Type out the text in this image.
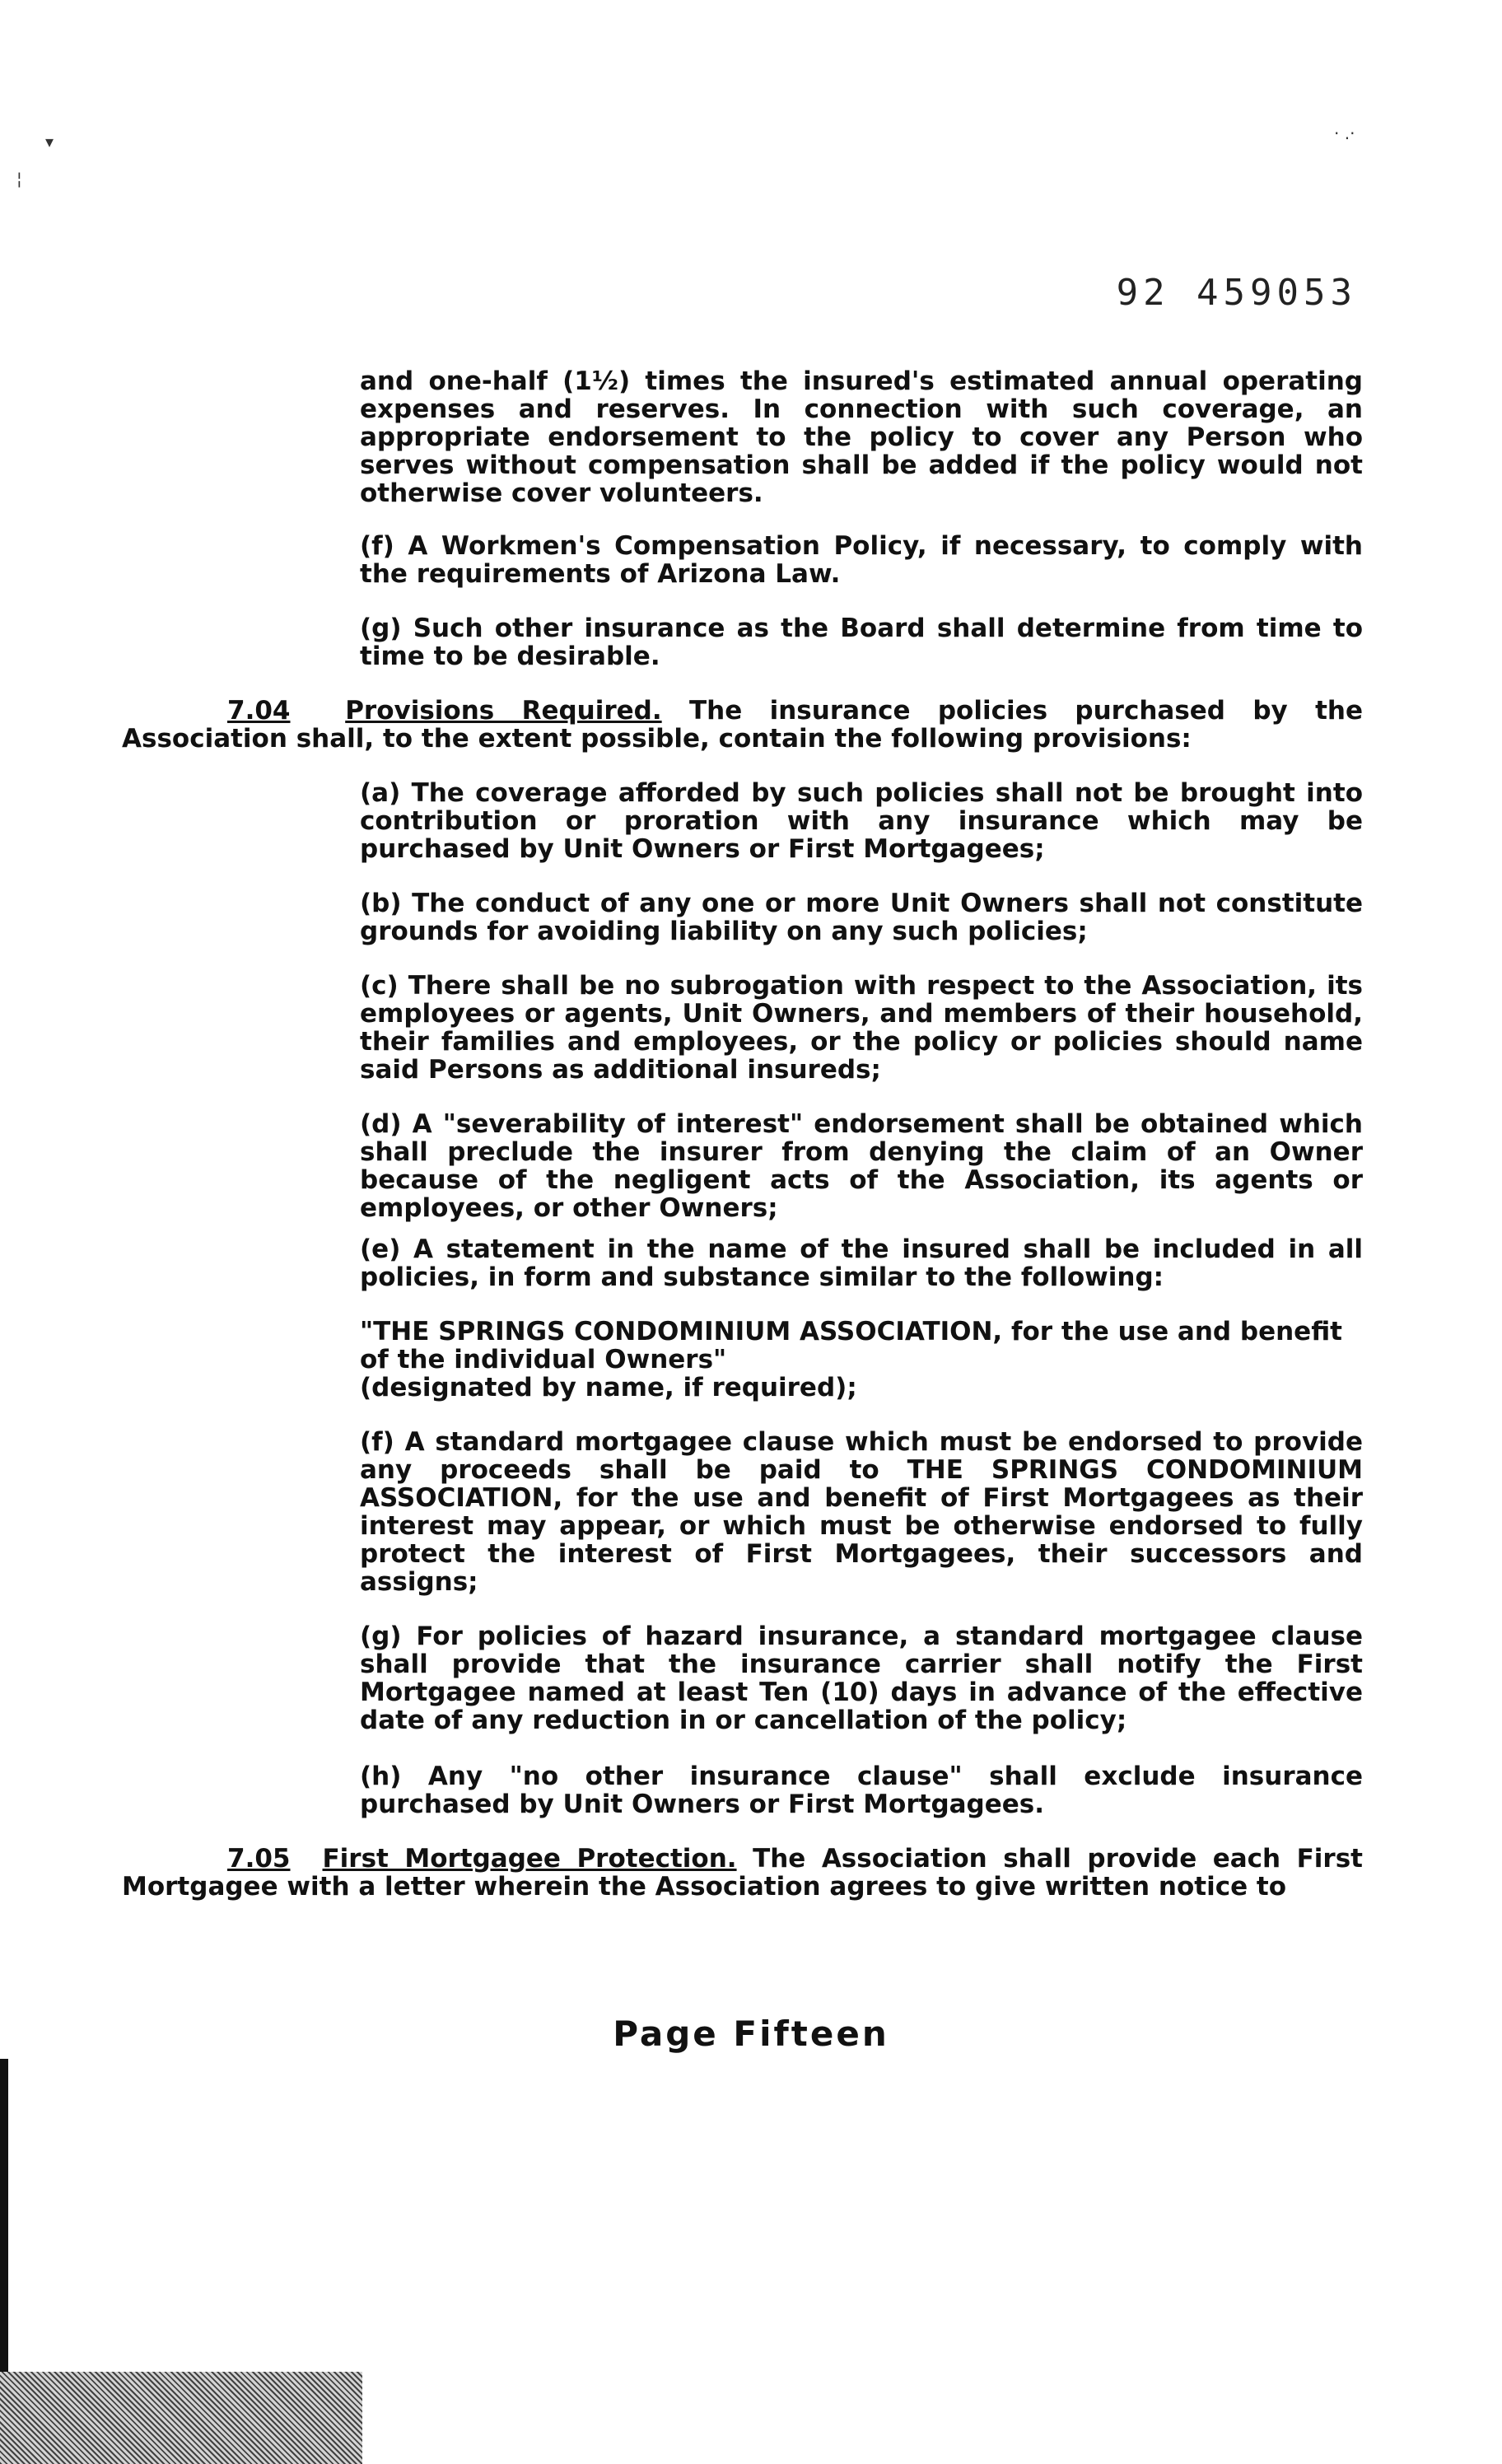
92 459053

and one-half (1½) times the insured's estimated annual operating expenses and reserves. In connection with such coverage, an appropriate endorsement to the policy to cover any Person who serves without compensation shall be added if the policy would not otherwise cover volunteers.

(f) A Workmen's Compensation Policy, if necessary, to comply with the requirements of Arizona Law.

(g) Such other insurance as the Board shall determine from time to time to be desirable.

7.04 Provisions Required. The insurance policies purchased by the Association shall, to the extent possible, contain the following provisions:

(a) The coverage afforded by such policies shall not be brought into contribution or proration with any insurance which may be purchased by Unit Owners or First Mortgagees;

(b) The conduct of any one or more Unit Owners shall not constitute grounds for avoiding liability on any such policies;

(c) There shall be no subrogation with respect to the Association, its employees or agents, Unit Owners, and members of their household, their families and employees, or the policy or policies should name said Persons as additional insureds;

(d) A "severability of interest" endorsement shall be obtained which shall preclude the insurer from denying the claim of an Owner because of the negligent acts of the Association, its agents or employees, or other Owners;

(e) A statement in the name of the insured shall be included in all policies, in form and substance similar to the following:

"THE SPRINGS CONDOMINIUM ASSOCIATION, for the use and benefit of the individual Owners"
(designated by name, if required);

(f) A standard mortgagee clause which must be endorsed to provide any proceeds shall be paid to THE SPRINGS CONDOMINIUM ASSOCIATION, for the use and benefit of First Mortgagees as their interest may appear, or which must be otherwise endorsed to fully protect the interest of First Mortgagees, their successors and assigns;

(g) For policies of hazard insurance, a standard mortgagee clause shall provide that the insurance carrier shall notify the First Mortgagee named at least Ten (10) days in advance of the effective date of any reduction in or cancellation of the policy;

(h) Any "no other insurance clause" shall exclude insurance purchased by Unit Owners or First Mortgagees.

7.05 First Mortgagee Protection. The Association shall provide each First Mortgagee with a letter wherein the Association agrees to give written notice to

Page Fifteen
▾
¦
· .·
